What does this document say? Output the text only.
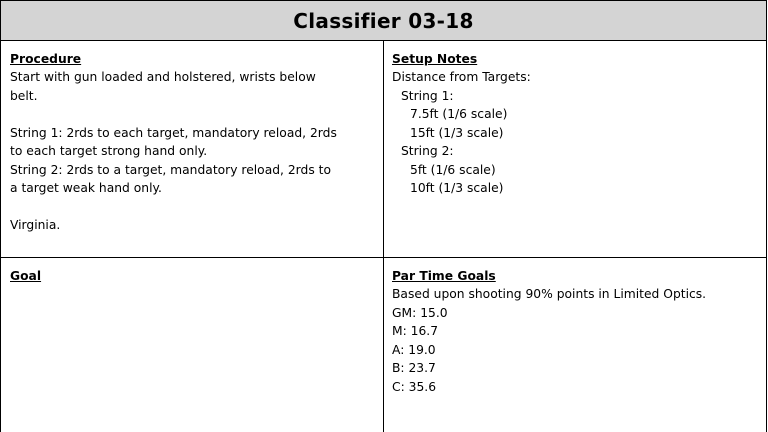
Classifier 03-18
Procedure
Start with gun loaded and holstered, wrists below
belt.
String 1: 2rds to each target, mandatory reload, 2rds
to each target strong hand only.
String 2: 2rds to a target, mandatory reload, 2rds to
a target weak hand only.
Virginia.
Setup Notes
Distance from Targets:
String 1:
7.5ft (1/6 scale)
15ft (1/3 scale)
String 2:
5ft (1/6 scale)
10ft (1/3 scale)
Goal	Par Time Goals
Based upon shooting 90% points in Limited Optics.
GM: 15.0
M: 16.7
A: 19.0
B: 23.7
C: 35.6
